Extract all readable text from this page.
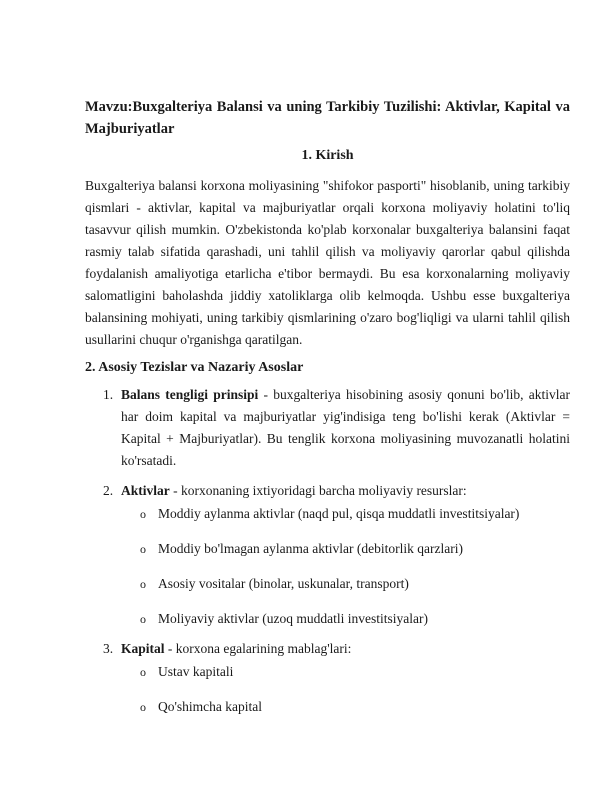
Mavzu:Buxgalteriya Balansi va uning Tarkibiy Tuzilishi: Aktivlar, Kapital va Majburiyatlar

1. Kirish

Buxgalteriya balansi korxona moliyasining "shifokor pasporti" hisoblanib, uning tarkibiy qismlari - aktivlar, kapital va majburiyatlar orqali korxona moliyaviy holatini to'liq tasavvur qilish mumkin. O'zbekistonda ko'plab korxonalar buxgalteriya balansini faqat rasmiy talab sifatida qarashadi, uni tahlil qilish va moliyaviy qarorlar qabul qilishda foydalanish amaliyotiga etarlicha e'tibor bermaydi. Bu esa korxonalarning moliyaviy salomatligini baholashda jiddiy xatoliklarga olib kelmoqda. Ushbu esse buxgalteriya balansining mohiyati, uning tarkibiy qismlarining o'zaro bog'liqligi va ularni tahlil qilish usullarini chuqur o'rganishga qaratilgan.

2. Asosiy Tezislar va Nazariy Asoslar

1. Balans tengligi prinsipi - buxgalteriya hisobining asosiy qonuni bo'lib, aktivlar har doim kapital va majburiyatlar yig'indisiga teng bo'lishi kerak (Aktivlar = Kapital + Majburiyatlar). Bu tenglik korxona moliyasining muvozanatli holatini ko'rsatadi.
2. Aktivlar - korxonaning ixtiyoridagi barcha moliyaviy resurslar:
o Moddiy aylanma aktivlar (naqd pul, qisqa muddatli investitsiyalar)
o Moddiy bo'lmagan aylanma aktivlar (debitorlik qarzlari)
o Asosiy vositalar (binolar, uskunalar, transport)
o Moliyaviy aktivlar (uzoq muddatli investitsiyalar)
3. Kapital - korxona egalarining mablag'lari:
o Ustav kapitali
o Qo'shimcha kapital
